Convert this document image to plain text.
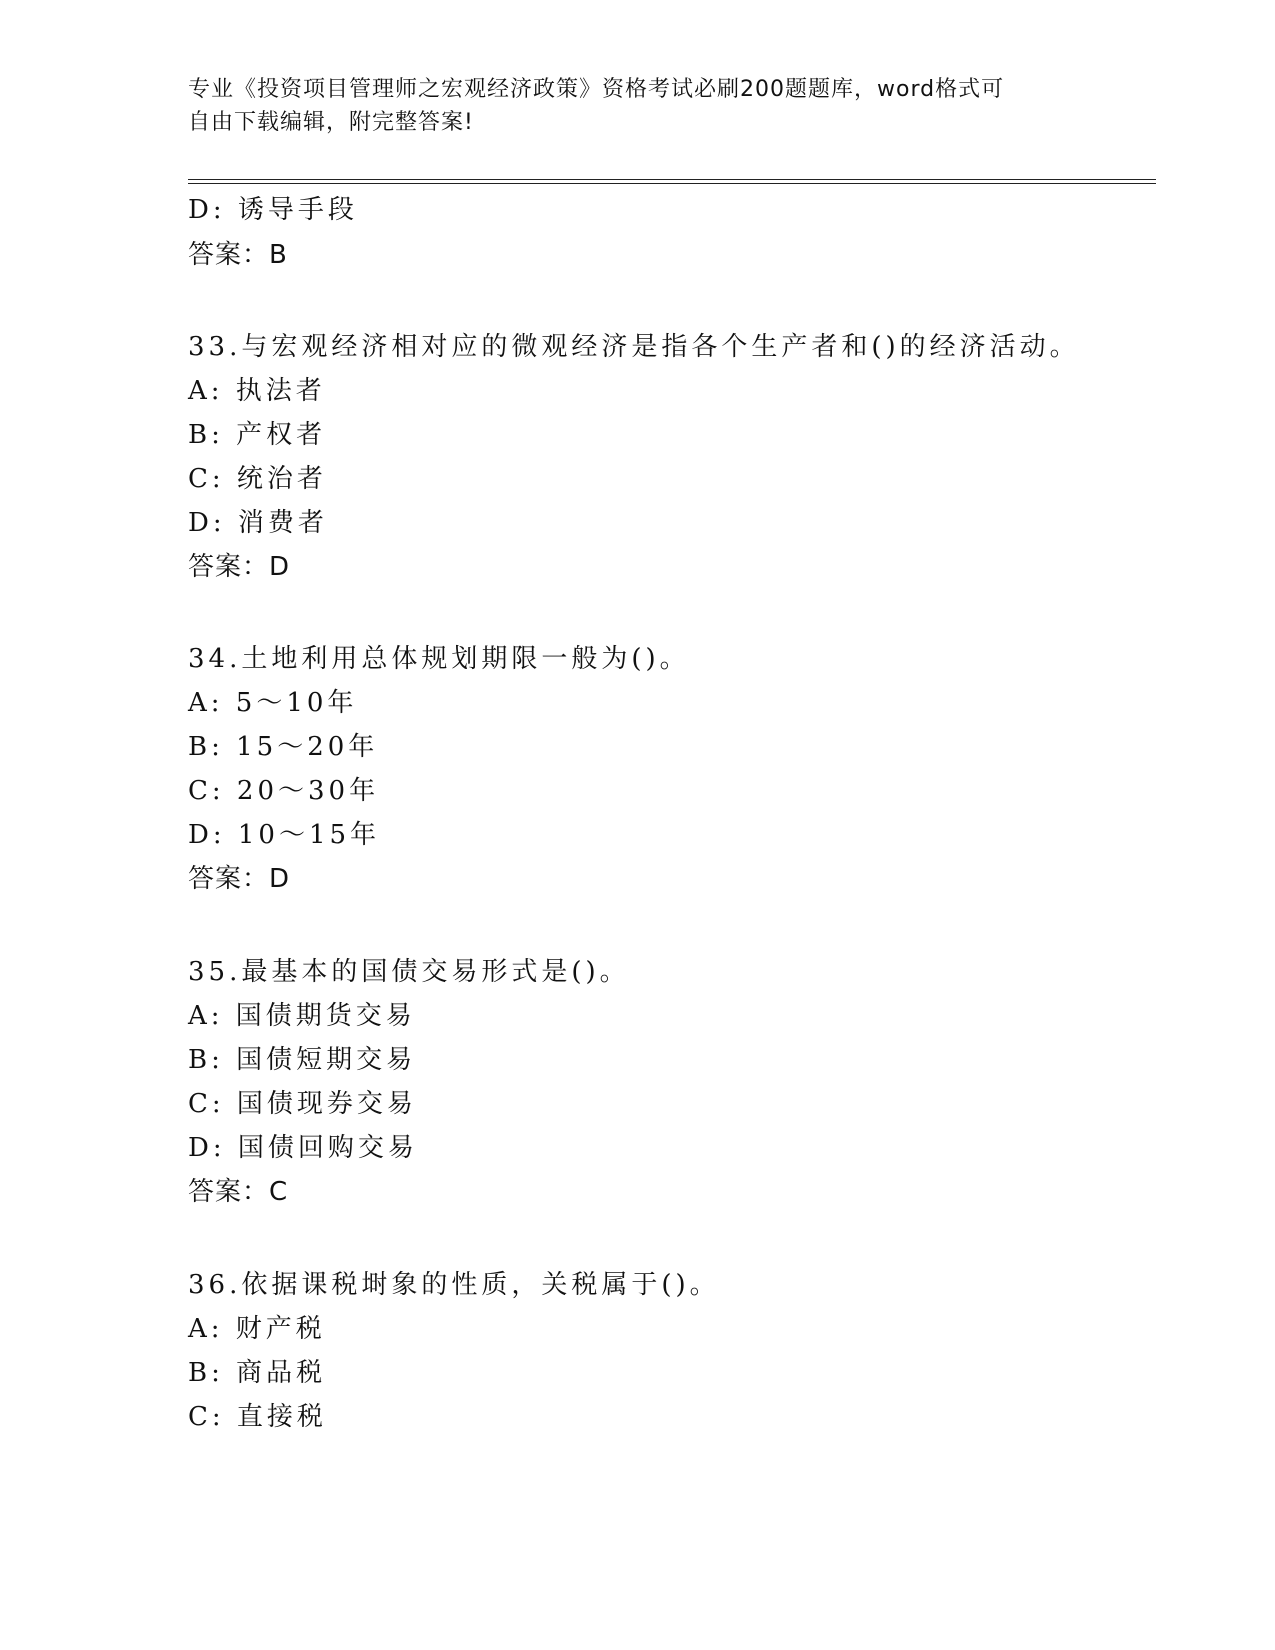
专业《投资项目管理师之宏观经济政策》资格考试必刷200题题库，word格式可
自由下载编辑，附完整答案!
D: 诱导手段
答案：B
33.与宏观经济相对应的微观经济是指各个生产者和()的经济活动。
A: 执法者
B: 产权者
C: 统治者
D: 消费者
答案：D
34.土地利用总体规划期限一般为()。
A: 5～10年
B: 15～20年
C: 20～30年
D: 10～15年
答案：D
35.最基本的国债交易形式是()。
A: 国债期货交易
B: 国债短期交易
C: 国债现券交易
D: 国债回购交易
答案：C
36.依据课税埘象的性质，关税属于()。
A: 财产税
B: 商品税
C: 直接税
